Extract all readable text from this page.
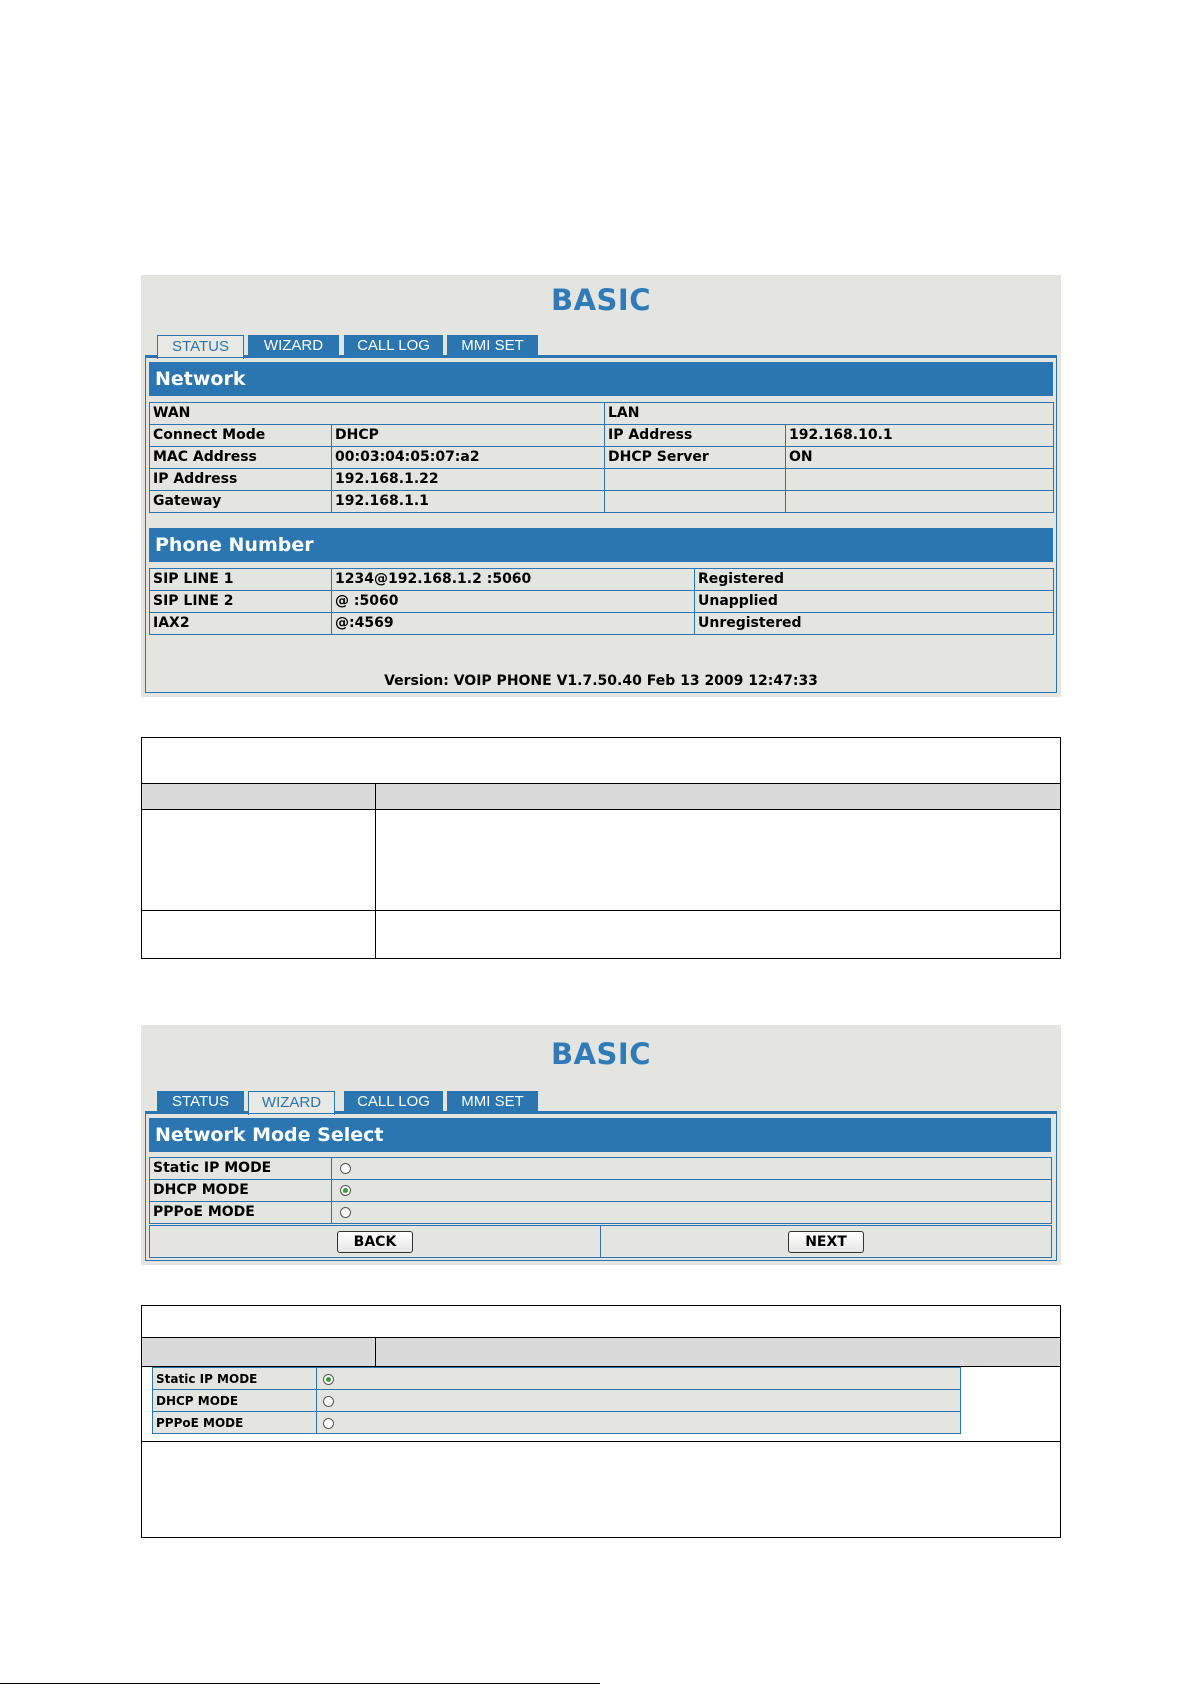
BASIC
STATUS	WIZARD	CALL LOG	MMI SET
Network
WAN		LAN	
Connect Mode	DHCP	IP Address	192.168.10.1
MAC Address	00:03:04:05:07:a2	DHCP Server	ON
IP Address	192.168.1.22		
Gateway	192.168.1.1		
Phone Number
SIP LINE 1	1234@192.168.1.2 :5060	Registered
SIP LINE 2	@ :5060	Unapplied
IAX2	@:4569	Unregistered
Version: VOIP PHONE V1.7.50.40 Feb 13 2009 12:47:33
BASIC
STATUS	WIZARD	CALL LOG	MMI SET
Network Mode Select
Static IP MODE	
DHCP MODE	
PPPoE MODE	
BACK	NEXT
Static IP MODE	
DHCP MODE	
PPPoE MODE	
